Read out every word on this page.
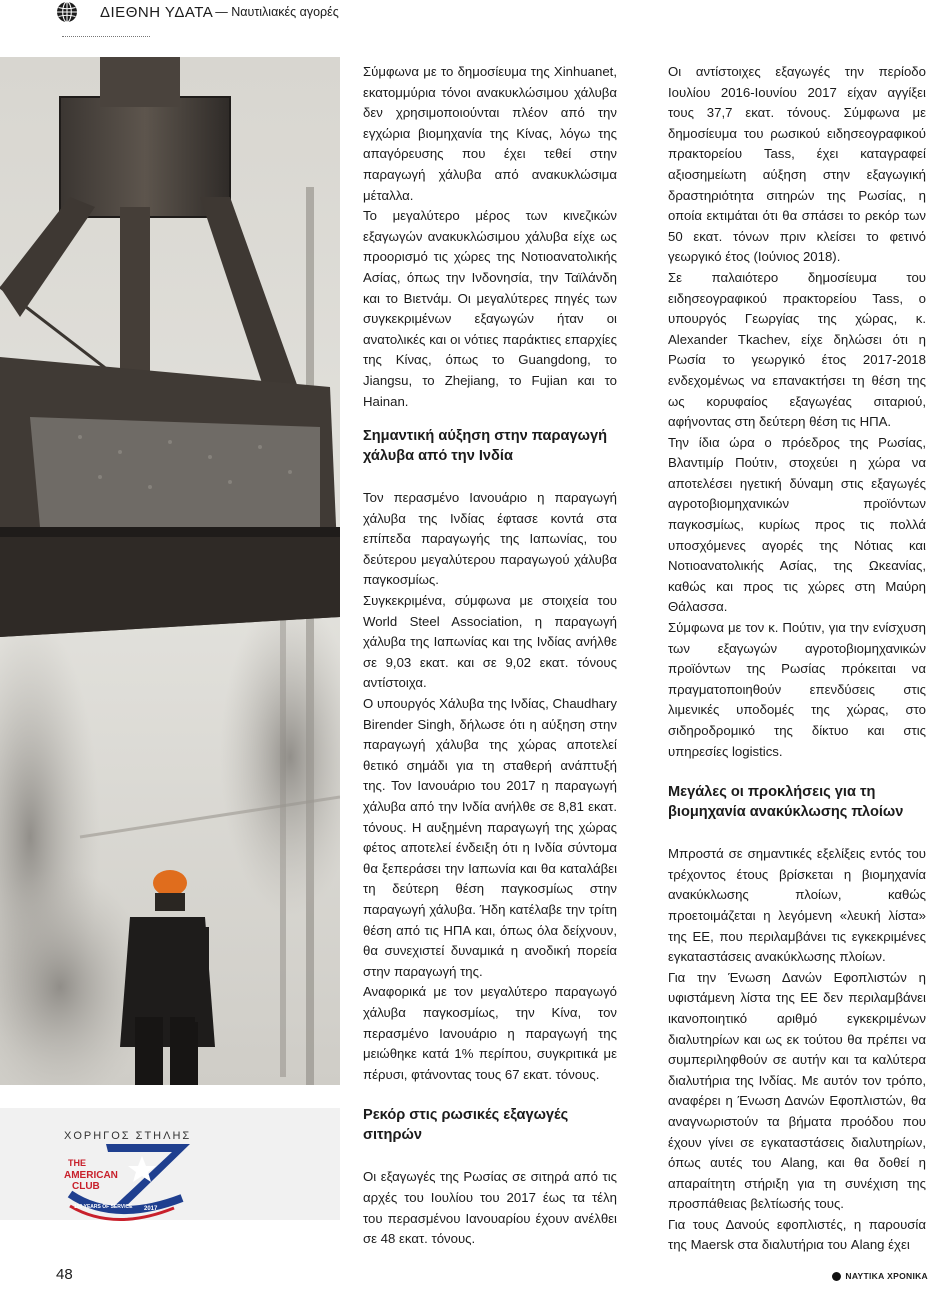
ΔΙΕΘΝΗ ΥΔΑΤΑ — Ναυτιλιακές αγορές
ΧΟΡΗΓΟΣ ΣΤΗΛΗΣ
THE
AMERICAN
CLUB
100 YEARS OF SERVICE 2017

Σύμφωνα με το δημοσίευμα της Xinhuanet, εκατομμύρια τόνοι ανακυκλώσιμου χάλυβα δεν χρησιμοποιούνται πλέον από την εγχώρια βιομηχανία της Κίνας, λόγω της απαγόρευσης που έχει τεθεί στην παραγωγή χάλυβα από ανακυκλώσιμα μέταλλα.

Το μεγαλύτερο μέρος των κινεζικών εξαγωγών ανακυκλώσιμου χάλυβα είχε ως προορισμό τις χώρες της Νοτιοανατολικής Ασίας, όπως την Ινδονησία, την Ταϊλάνδη και το Βιετνάμ. Οι μεγαλύτερες πηγές των συγκεκριμένων εξαγωγών ήταν οι ανατολικές και οι νότιες παράκτιες επαρχίες της Κίνας, όπως το Guangdong, το Jiangsu, το Zhejiang, το Fujian και το Hainan.

Σημαντική αύξηση στην παραγωγή χάλυβα από την Ινδία

Τον περασμένο Ιανουάριο η παραγωγή χάλυβα της Ινδίας έφτασε κοντά στα επίπεδα παραγωγής της Ιαπωνίας, του δεύτερου μεγαλύτερου παραγωγού χάλυβα παγκοσμίως.

Συγκεκριμένα, σύμφωνα με στοιχεία του World Steel Association, η παραγωγή χάλυβα της Ιαπωνίας και της Ινδίας ανήλθε σε 9,03 εκατ. και σε 9,02 εκατ. τόνους αντίστοιχα.

Ο υπουργός Χάλυβα της Ινδίας, Chaudhary Birender Singh, δήλωσε ότι η αύξηση στην παραγωγή χάλυβα της χώρας αποτελεί θετικό σημάδι για τη σταθερή ανάπτυξή της. Τον Ιανουάριο του 2017 η παραγωγή χάλυβα από την Ινδία ανήλθε σε 8,81 εκατ. τόνους. Η αυξημένη παραγωγή της χώρας φέτος αποτελεί ένδειξη ότι η Ινδία σύντομα θα ξεπεράσει την Ιαπωνία και θα καταλάβει τη δεύτερη θέση παγκοσμίως στην παραγωγή χάλυβα. Ήδη κατέλαβε την τρίτη θέση από τις ΗΠΑ και, όπως όλα δείχνουν, θα συνεχιστεί δυναμικά η ανοδική πορεία στην παραγωγή της.

Αναφορικά με τον μεγαλύτερο παραγωγό χάλυβα παγκοσμίως, την Κίνα, τον περασμένο Ιανουάριο η παραγωγή της μειώθηκε κατά 1% περίπου, συγκριτικά με πέρυσι, φτάνοντας τους 67 εκατ. τόνους.

Ρεκόρ στις ρωσικές εξαγωγές σιτηρών

Οι εξαγωγές της Ρωσίας σε σιτηρά από τις αρχές του Ιουλίου του 2017 έως τα τέλη του περασμένου Ιανουαρίου έχουν ανέλθει σε 48 εκατ. τόνους.

Οι αντίστοιχες εξαγωγές την περίοδο Ιουλίου 2016-Ιουνίου 2017 είχαν αγγίξει τους 37,7 εκατ. τόνους. Σύμφωνα με δημοσίευμα του ρωσικού ειδησεογραφικού πρακτορείου Tass, έχει καταγραφεί αξιοσημείωτη αύξηση στην εξαγωγική δραστηριότητα σιτηρών της Ρωσίας, η οποία εκτιμάται ότι θα σπάσει το ρεκόρ των 50 εκατ. τόνων πριν κλείσει το φετινό γεωργικό έτος (Ιούνιος 2018).

Σε παλαιότερο δημοσίευμα του ειδησεογραφικού πρακτορείου Tass, ο υπουργός Γεωργίας της χώρας, κ. Alexander Tkachev, είχε δηλώσει ότι η Ρωσία το γεωργικό έτος 2017-2018 ενδεχομένως να επανακτήσει τη θέση της ως κορυφαίος εξαγωγέας σιταριού, αφήνοντας στη δεύτερη θέση τις ΗΠΑ.

Την ίδια ώρα ο πρόεδρος της Ρωσίας, Βλαντιμίρ Πούτιν, στοχεύει η χώρα να αποτελέσει ηγετική δύναμη στις εξαγωγές αγροτοβιομηχανικών προϊόντων παγκοσμίως, κυρίως προς τις πολλά υποσχόμενες αγορές της Νότιας και Νοτιοανατολικής Ασίας, της Ωκεανίας, καθώς και προς τις χώρες στη Μαύρη Θάλασσα.

Σύμφωνα με τον κ. Πούτιν, για την ενίσχυση των εξαγωγών αγροτοβιομηχανικών προϊόντων της Ρωσίας πρόκειται να πραγματοποιηθούν επενδύσεις στις λιμενικές υποδομές της χώρας, στο σιδηροδρομικό της δίκτυο και στις υπηρεσίες logistics.

Μεγάλες οι προκλήσεις για τη βιομηχανία ανακύκλωσης πλοίων

Μπροστά σε σημαντικές εξελίξεις εντός του τρέχοντος έτους βρίσκεται η βιομηχανία ανακύκλωσης πλοίων, καθώς προετοιμάζεται η λεγόμενη «λευκή λίστα» της ΕΕ, που περιλαμβάνει τις εγκεκριμένες εγκαταστάσεις ανακύκλωσης πλοίων.

Για την Ένωση Δανών Εφοπλιστών η υφιστάμενη λίστα της ΕΕ δεν περιλαμβάνει ικανοποιητικό αριθμό εγκεκριμένων διαλυτηρίων και ως εκ τούτου θα πρέπει να συμπεριληφθούν σε αυτήν και τα καλύτερα διαλυτήρια της Ινδίας. Με αυτόν τον τρόπο, αναφέρει η Ένωση Δανών Εφοπλιστών, θα αναγνωριστούν τα βήματα προόδου που έχουν γίνει σε εγκαταστάσεις διαλυτηρίων, όπως αυτές του Alang, και θα δοθεί η απαραίτητη στήριξη για τη συνέχιση της προσπάθειας βελτίωσής τους.

Για τους Δανούς εφοπλιστές, η παρουσία της Maersk στα διαλυτήρια του Alang έχει

48	ΝΑΥΤΙΚΑ ΧΡΟΝΙΚΑ
